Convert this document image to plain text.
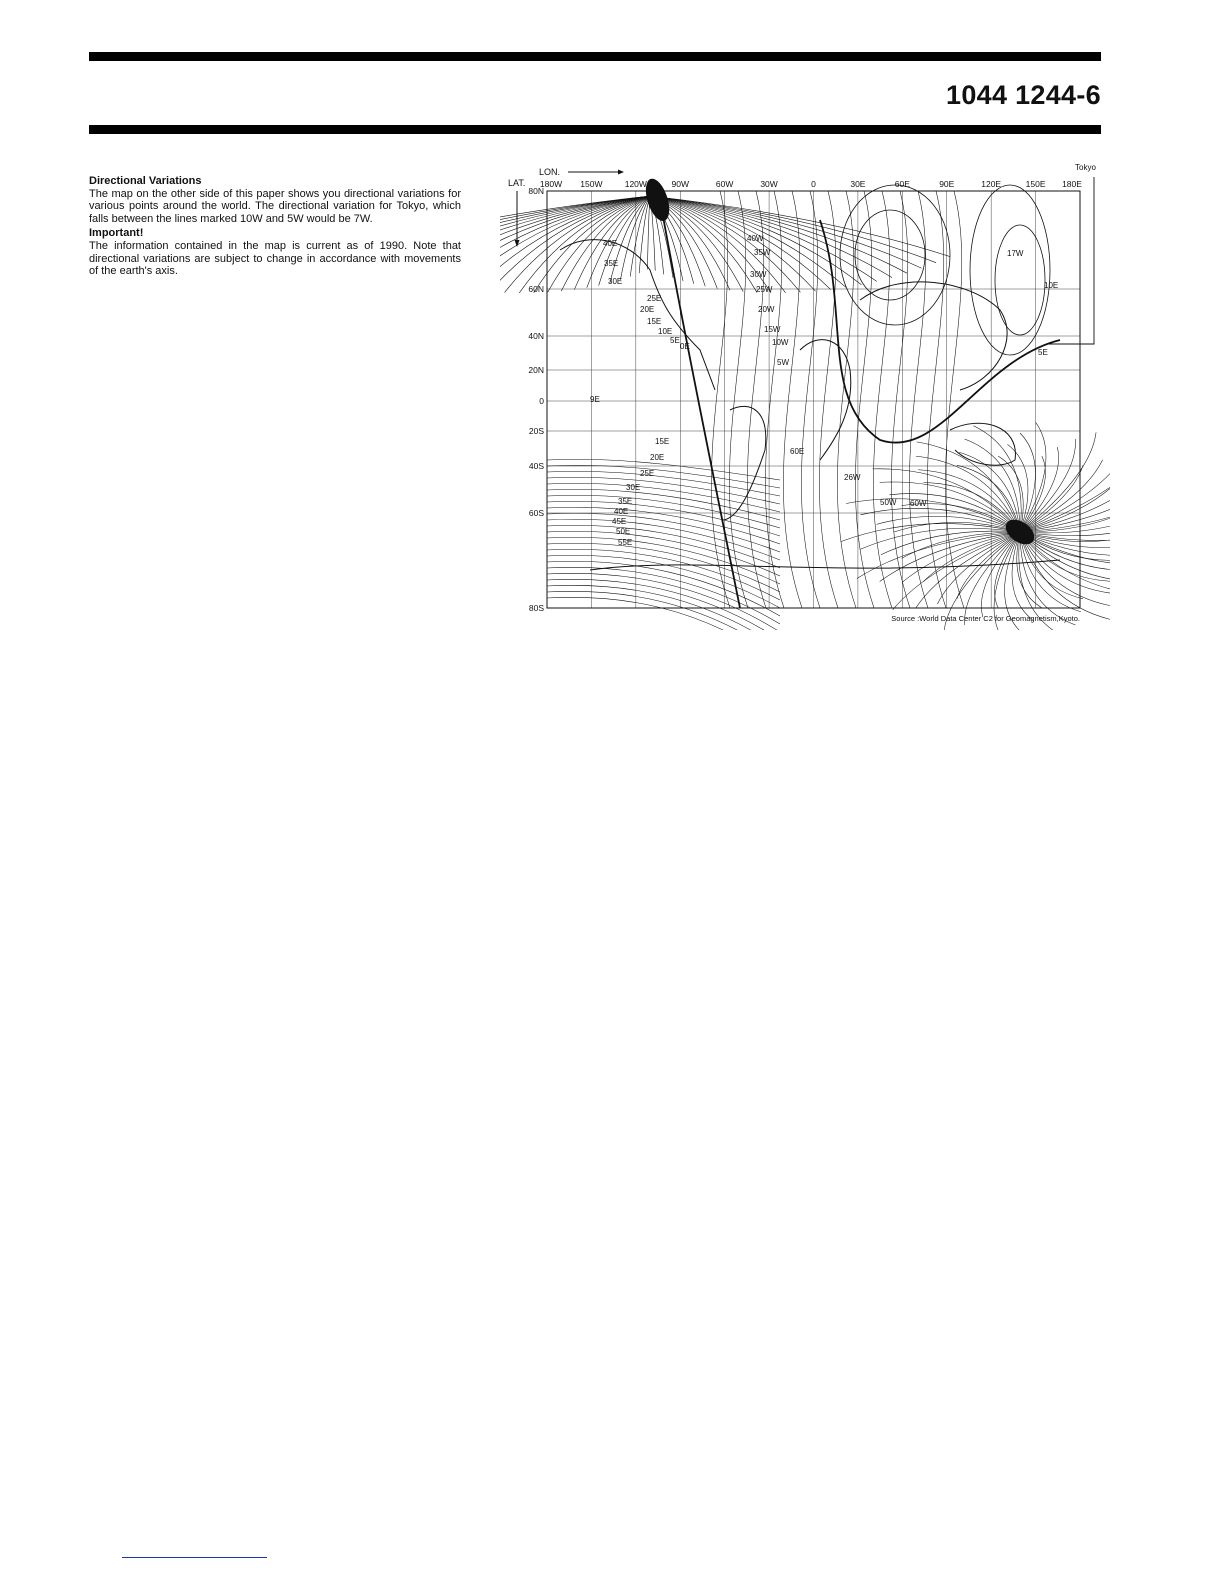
1044 1244-6
Directional Variations

The map on the other side of this paper shows you directional variations for various points around the world. The directional variation for Tokyo, which falls between the lines marked 10W and 5W would be 7W.

Important!

The information contained in the map is current as of 1990. Note that directional variations are subject to change in accordance with movements of the earth's axis.

LON.
LAT.
Tokyo
180W 150W	120W	90W	60W	30W	0	30E	60E	90E	120E	150E 180E
80N
60N
40N
20N
0
20S
40S
60S
80S
40E
35E
30E
25E
20E
15E
10E
5E
0E
40W
35W
30W
25W
20W
15W
10W
5W
9E
15E
20E
25E
30E
35E
40E
45E
50E
55E
60E
26W
50W 60W
17W
10E
5E
Source :World Data Center C2 for Geomagnetism,Kyoto.
